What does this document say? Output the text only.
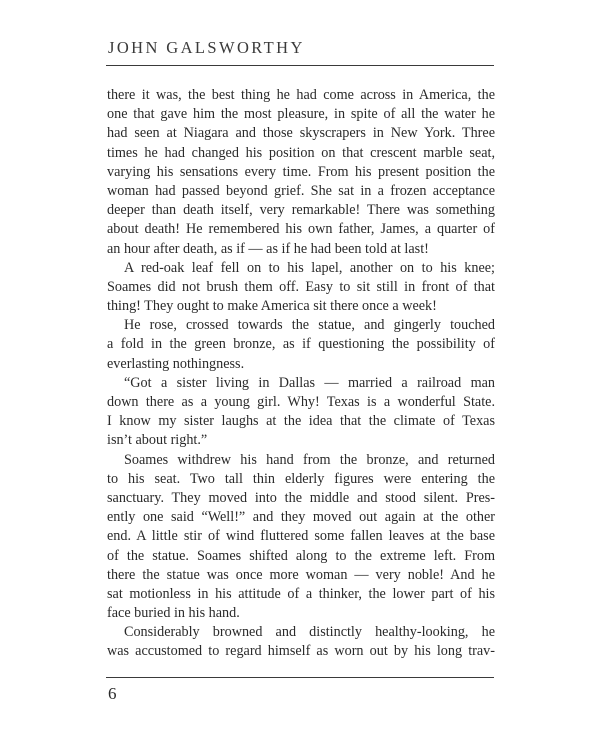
JOHN GALSWORTHY
there it was, the best thing he had come across in America, the
one that gave him the most pleasure, in spite of all the water he
had seen at Niagara and those skyscrapers in New York. Three
times he had changed his position on that crescent marble seat,
varying his sensations every time. From his present position the
woman had passed beyond grief. She sat in a frozen acceptance
deeper than death itself, very remarkable! There was something
about death! He remembered his own father, James, a quarter of
an hour after death, as if — as if he had been told at last!
A red-oak leaf fell on to his lapel, another on to his knee;
Soames did not brush them off. Easy to sit still in front of that
thing! They ought to make America sit there once a week!
He rose, crossed towards the statue, and gingerly touched
a fold in the green bronze, as if questioning the possibility of
everlasting nothingness.
“Got a sister living in Dallas — married a railroad man
down there as a young girl. Why! Texas is a wonderful State.
I know my sister laughs at the idea that the climate of Texas
isn’t about right.”
Soames withdrew his hand from the bronze, and returned
to his seat. Two tall thin elderly figures were entering the
sanctuary. They moved into the middle and stood silent. Pres-
ently one said “Well!” and they moved out again at the other
end. A little stir of wind fluttered some fallen leaves at the base
of the statue. Soames shifted along to the extreme left. From
there the statue was once more woman — very noble! And he
sat motionless in his attitude of a thinker, the lower part of his
face buried in his hand.
Considerably browned and distinctly healthy-looking, he
was accustomed to regard himself as worn out by his long trav-
6
